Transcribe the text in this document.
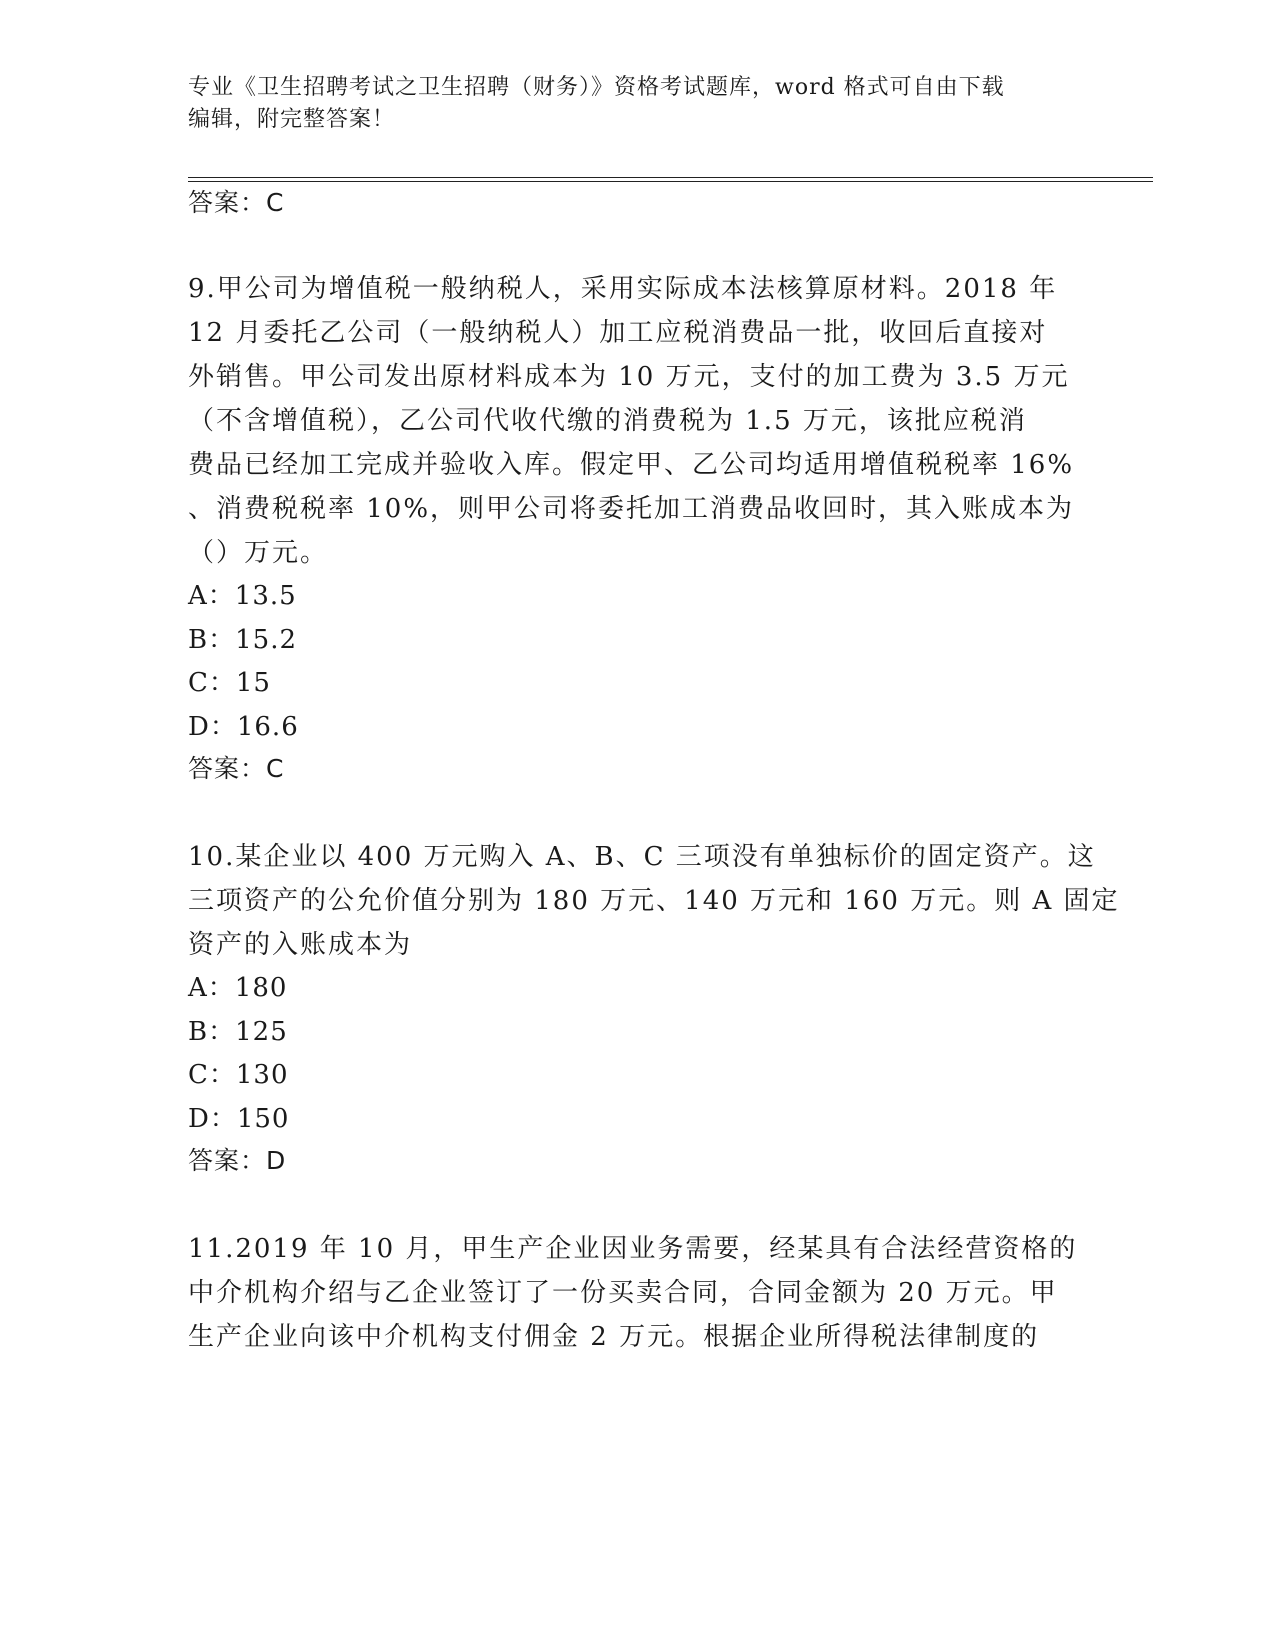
专业《卫生招聘考试之卫生招聘（财务）》资格考试题库，word 格式可自由下载
编辑，附完整答案！
答案：C
9.甲公司为增值税一般纳税人，采用实际成本法核算原材料。2018 年
12 月委托乙公司（一般纳税人）加工应税消费品一批，收回后直接对
外销售。甲公司发出原材料成本为 10 万元，支付的加工费为 3.5 万元
（不含增值税），乙公司代收代缴的消费税为 1.5 万元，该批应税消
费品已经加工完成并验收入库。假定甲、乙公司均适用增值税税率 16%
、消费税税率 10%，则甲公司将委托加工消费品收回时，其入账成本为
（）万元。
A：13.5
B：15.2
C：15
D：16.6
答案：C
10.某企业以 400 万元购入 A、B、C 三项没有单独标价的固定资产。这
三项资产的公允价值分别为 180 万元、140 万元和 160 万元。则 A 固定
资产的入账成本为
A：180
B：125
C：130
D：150
答案：D
11.2019 年 10 月，甲生产企业因业务需要，经某具有合法经营资格的
中介机构介绍与乙企业签订了一份买卖合同，合同金额为 20 万元。甲
生产企业向该中介机构支付佣金 2 万元。根据企业所得税法律制度的
